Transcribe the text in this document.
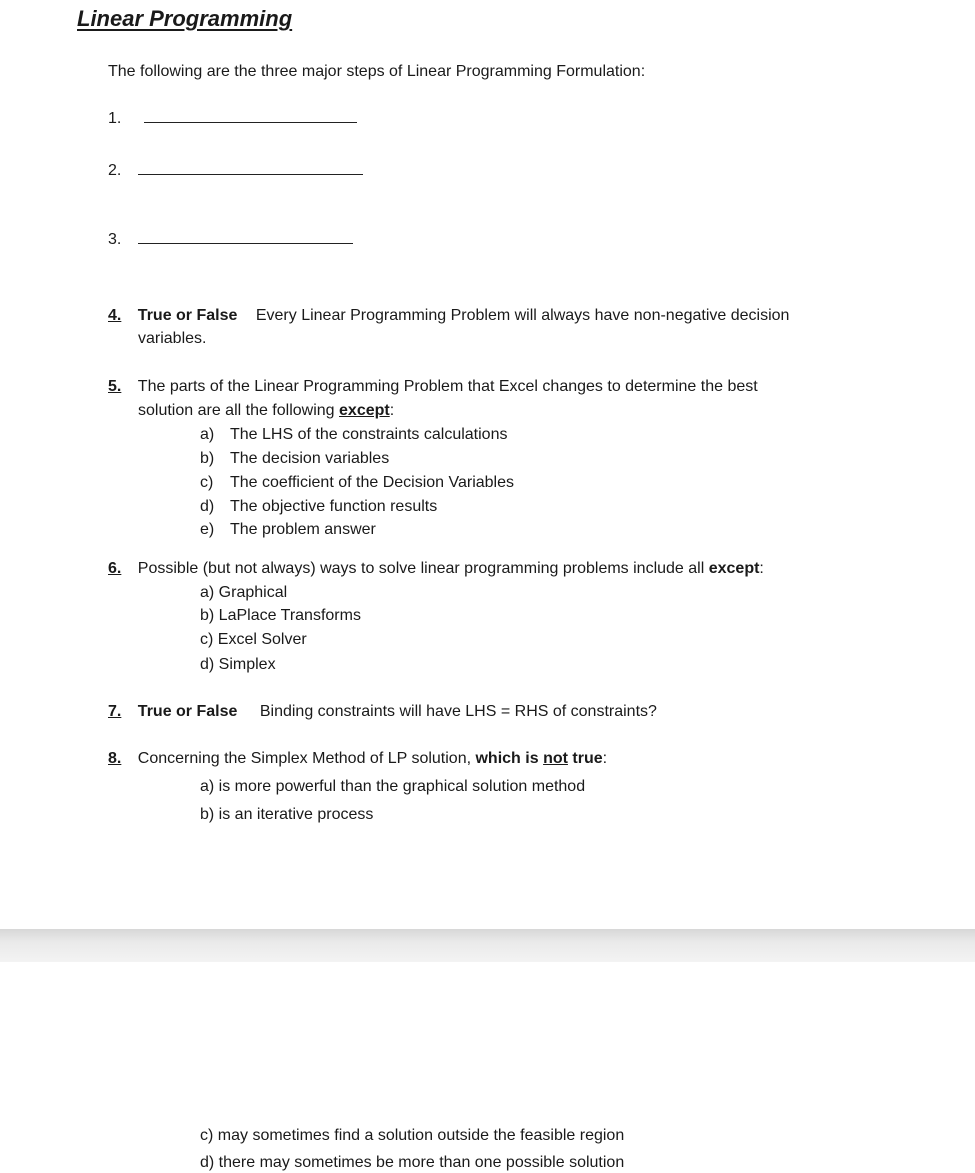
Linear Programming
The following are the three major steps of Linear Programming Formulation:
1.
2.
3.
4. True or False Every Linear Programming Problem will always have non-negative decision
variables.
5. The parts of the Linear Programming Problem that Excel changes to determine the best
solution are all the following except:
a) The LHS of the constraints calculations
b) The decision variables
c) The coefficient of the Decision Variables
d) The objective function results
e) The problem answer
6. Possible (but not always) ways to solve linear programming problems include all except:
a) Graphical
b) LaPlace Transforms
c) Excel Solver
d) Simplex
7. True or False Binding constraints will have LHS = RHS of constraints?
8. Concerning the Simplex Method of LP solution, which is not true:
a) is more powerful than the graphical solution method
b) is an iterative process
c) may sometimes find a solution outside the feasible region
d) there may sometimes be more than one possible solution
